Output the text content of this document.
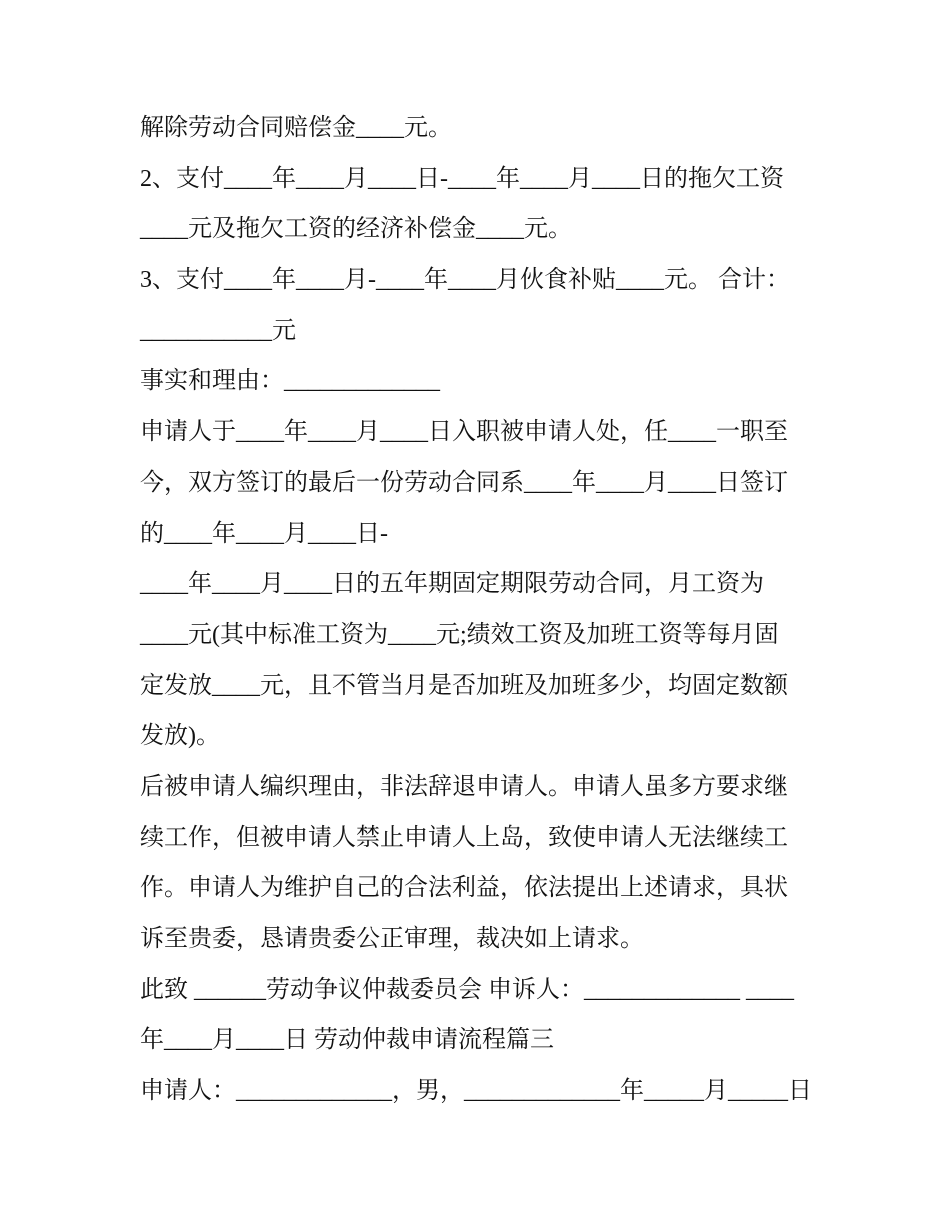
解除劳动合同赔偿金____元。
2、支付____年____月____日-____年____月____日的拖欠工资
____元及拖欠工资的经济补偿金____元。
3、支付____年____月-____年____月伙食补贴____元。 合计：
___________元
事实和理由：_____________
申请人于____年____月____日入职被申请人处，任____一职至
今，双方签订的最后一份劳动合同系____年____月____日签订
的____年____月____日-
____年____月____日的五年期固定期限劳动合同，月工资为
____元(其中标准工资为____元;绩效工资及加班工资等每月固
定发放____元，且不管当月是否加班及加班多少，均固定数额
发放)。
后被申请人编织理由，非法辞退申请人。申请人虽多方要求继
续工作，但被申请人禁止申请人上岛，致使申请人无法继续工
作。申请人为维护自己的合法利益，依法提出上述请求，具状
诉至贵委，恳请贵委公正审理，裁决如上请求。
此致 ______劳动争议仲裁委员会 申诉人：_____________ ____
年____月____日 劳动仲裁申请流程篇三
申请人：_____________，男，_____________年_____月_____日
